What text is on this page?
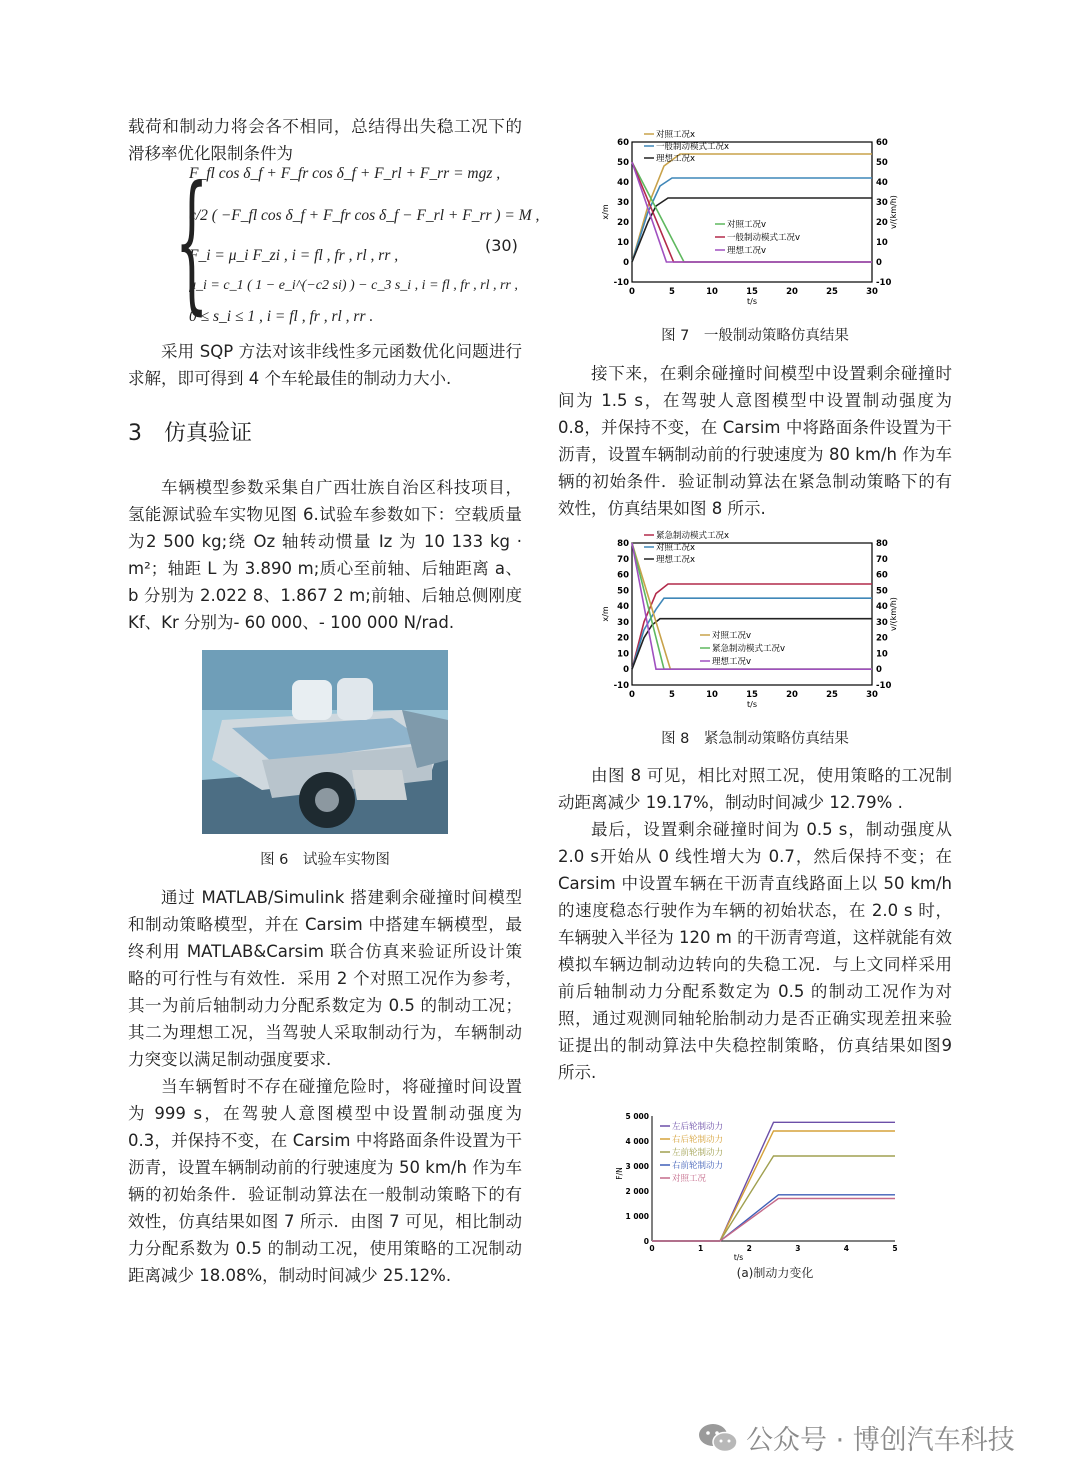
载荷和制动力将会各不相同，总结得出失稳工况下的滑移率优化限制条件为

{
F_fl cos δ_f + F_fr cos δ_f + F_rl + F_rr = mgz ,
c/2 ( −F_fl cos δ_f + F_fr cos δ_f − F_rl + F_rr ) = M ,
F_i = μ_i F_zi , i = fl , fr , rl , rr ,
μ_i = c_1 ( 1 − e_i^(−c2 si) ) − c_3 s_i , i = fl , fr , rl , rr ,
0 ≤ s_i ≤ 1 , i = fl , fr , rl , rr .
(30)

采用 SQP 方法对该非线性多元函数优化问题进行求解，即可得到 4 个车轮最佳的制动力大小.

3　仿真验证

车辆模型参数采集自广西壮族自治区科技项目，氢能源试验车实物见图 6.试验车参数如下：空载质量为2 500 kg;绕 Oz 轴转动惯量 Iz 为 10 133 kg · m²；轴距 L 为 3.890 m;质心至前轴、后轴距离 a、b 分别为 2.022 8、1.867 2 m;前轴、后轴总侧刚度 Kf、Kr 分别为- 60 000、- 100 000 N/rad.

图 6　试验车实物图

通过 MATLAB/Simulink 搭建剩余碰撞时间模型和制动策略模型，并在 Carsim 中搭建车辆模型，最终利用 MATLAB&Carsim 联合仿真来验证所设计策略的可行性与有效性．采用 2 个对照工况作为参考，其一为前后轴制动力分配系数定为 0.5 的制动工况；其二为理想工况，当驾驶人采取制动行为，车辆制动力突变以满足制动强度要求.

当车辆暂时不存在碰撞危险时，将碰撞时间设置为 999 s，在驾驶人意图模型中设置制动强度为 0.3，并保持不变，在 Carsim 中将路面条件设置为干沥青，设置车辆制动前的行驶速度为 50 km/h 作为车辆的初始条件．验证制动算法在一般制动策略下的有效性，仿真结果如图 7 所示．由图 7 可见，相比制动力分配系数为 0.5 的制动工况，使用策略的工况制动距离减少 18.08%，制动时间减少 25.12%.

0	5	10	15	20	25	30
-10
0
10
20
30
40
50
60
-10
0
10
20
30
40
50
60
t/s
x/m	v/(km/h)
对照工况x
一般制动模式工况x
理想工况x
对照工况v
一般制动模式工况v
理想工况v
图 7　一般制动策略仿真结果

接下来，在剩余碰撞时间模型中设置剩余碰撞时间为 1.5 s，在驾驶人意图模型中设置制动强度为 0.8，并保持不变，在 Carsim 中将路面条件设置为干沥青，设置车辆制动前的行驶速度为 80 km/h 作为车辆的初始条件．验证制动算法在紧急制动策略下的有效性，仿真结果如图 8 所示.

0	5	10	15	20	25	30
-10
0
10
20
30
40
50
60
70
80
-10
0
10
20
30
40
50
60
70
80
t/s
x/m	v/(km/h)
紧急制动模式工况x
对照工况x
理想工况x
对照工况v
紧急制动模式工况v
理想工况v
图 8　紧急制动策略仿真结果

由图 8 可见，相比对照工况，使用策略的工况制动距离减少 19.17%，制动时间减少 12.79% .

最后，设置剩余碰撞时间为 0.5 s，制动强度从 2.0 s开始从 0 线性增大为 0.7，然后保持不变；在 Carsim 中设置车辆在干沥青直线路面上以 50 km/h 的速度稳态行驶作为车辆的初始状态，在 2.0 s 时，车辆驶入半径为 120 m 的干沥青弯道，这样就能有效模拟车辆边制动边转向的失稳工况．与上文同样采用前后轴制动力分配系数定为 0.5 的制动工况作为对照，通过观测同轴轮胎制动力是否正确实现差扭来验证提出的制动算法中失稳控制策略，仿真结果如图9 所示.

0	1	2	3	4	5
0
1 000
2 000
3 000
4 000
5 000
t/s
F/N
左后轮制动力
右后轮制动力
左前轮制动力
右前轮制动力
对照工况
(a)制动力变化
公众号 · 博创汽车科技
